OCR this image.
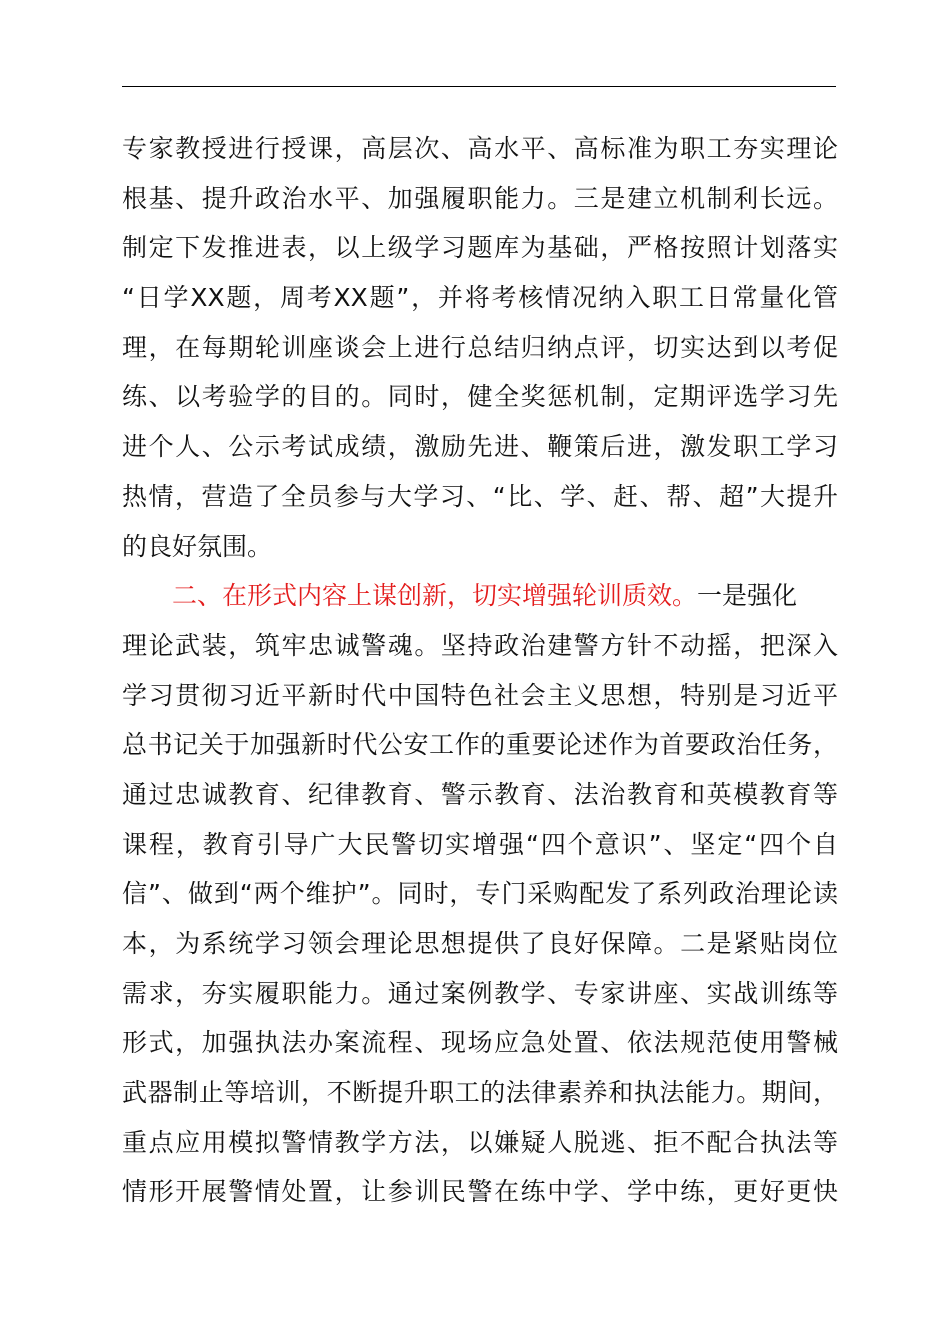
专家教授进行授课，高层次、高水平、高标准为职工夯实理论
根基、提升政治水平、加强履职能力。三是建立机制利长远。
制定下发推进表，以上级学习题库为基础，严格按照计划落实
“日学XX题，周考XX题”，并将考核情况纳入职工日常量化管
理，在每期轮训座谈会上进行总结归纳点评，切实达到以考促
练、以考验学的目的。同时，健全奖惩机制，定期评选学习先
进个人、公示考试成绩，激励先进、鞭策后进，激发职工学习
热情，营造了全员参与大学习、“比、学、赶、帮、超”大提升
的良好氛围。
二、在形式内容上谋创新，切实增强轮训质效。一是强化
理论武装，筑牢忠诚警魂。坚持政治建警方针不动摇，把深入
学习贯彻习近平新时代中国特色社会主义思想，特别是习近平
总书记关于加强新时代公安工作的重要论述作为首要政治任务，
通过忠诚教育、纪律教育、警示教育、法治教育和英模教育等
课程，教育引导广大民警切实增强“四个意识”、坚定“四个自
信”、做到“两个维护”。同时，专门采购配发了系列政治理论读
本，为系统学习领会理论思想提供了良好保障。二是紧贴岗位
需求，夯实履职能力。通过案例教学、专家讲座、实战训练等
形式，加强执法办案流程、现场应急处置、依法规范使用警械
武器制止等培训，不断提升职工的法律素养和执法能力。期间，
重点应用模拟警情教学方法，以嫌疑人脱逃、拒不配合执法等
情形开展警情处置，让参训民警在练中学、学中练，更好更快
